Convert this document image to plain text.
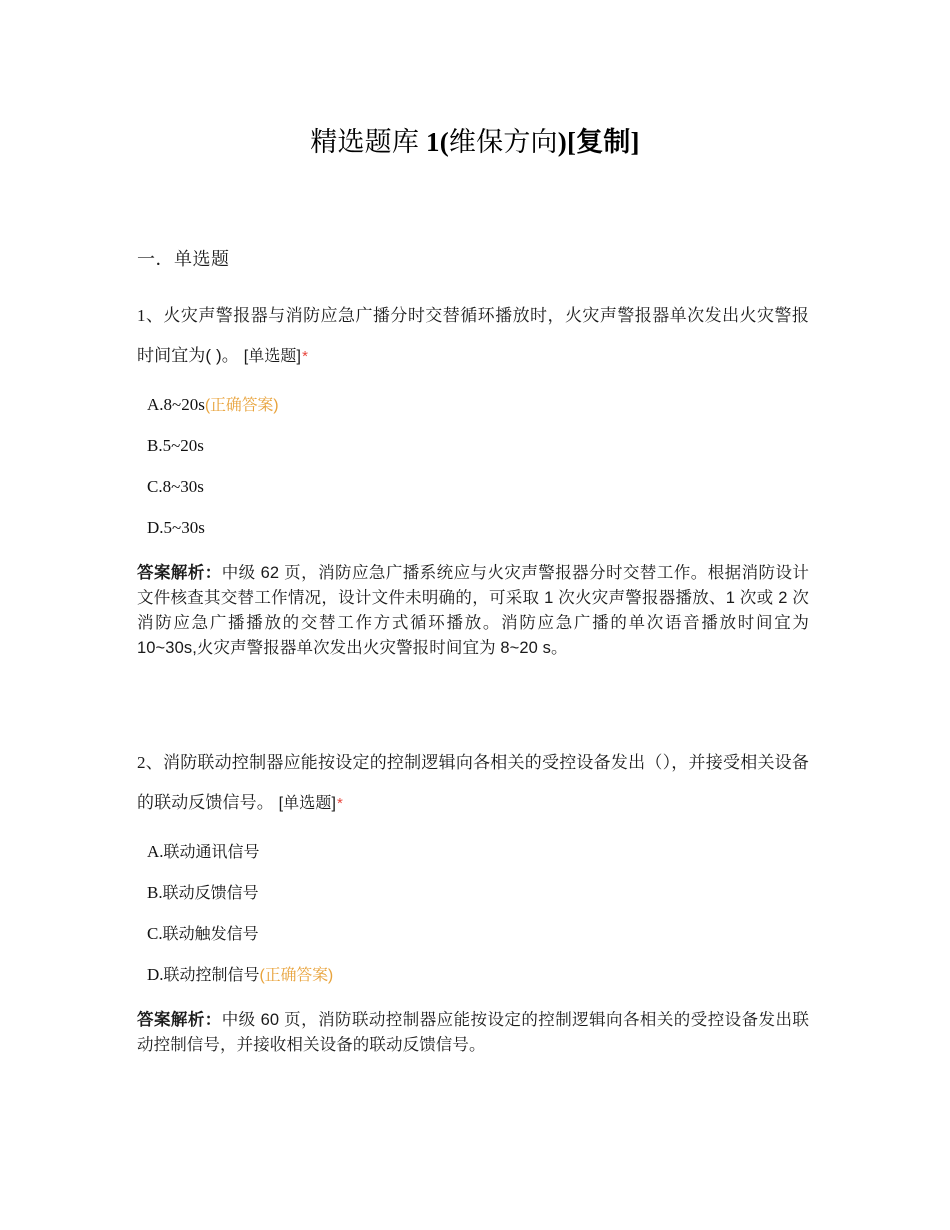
精选题库 1(维保方向)[复制]
一．单选题

1、火灾声警报器与消防应急广播分时交替循环播放时，火灾声警报器单次发出火灾警报时间宜为( )。 [单选题]*

A.8~20s(正确答案)
B.5~20s
C.8~30s
D.5~30s

答案解析：中级 62 页，消防应急广播系统应与火灾声警报器分时交替工作。根据消防设计文件核查其交替工作情况，设计文件未明确的，可采取 1 次火灾声警报器播放、1 次或 2 次消防应急广播播放的交替工作方式循环播放。消防应急广播的单次语音播放时间宜为 10~30s,火灾声警报器单次发出火灾警报时间宜为 8~20 s。

2、消防联动控制器应能按设定的控制逻辑向各相关的受控设备发出（），并接受相关设备的联动反馈信号。 [单选题]*

A.联动通讯信号
B.联动反馈信号
C.联动触发信号
D.联动控制信号(正确答案)

答案解析：中级 60 页，消防联动控制器应能按设定的控制逻辑向各相关的受控设备发出联动控制信号，并接收相关设备的联动反馈信号。
